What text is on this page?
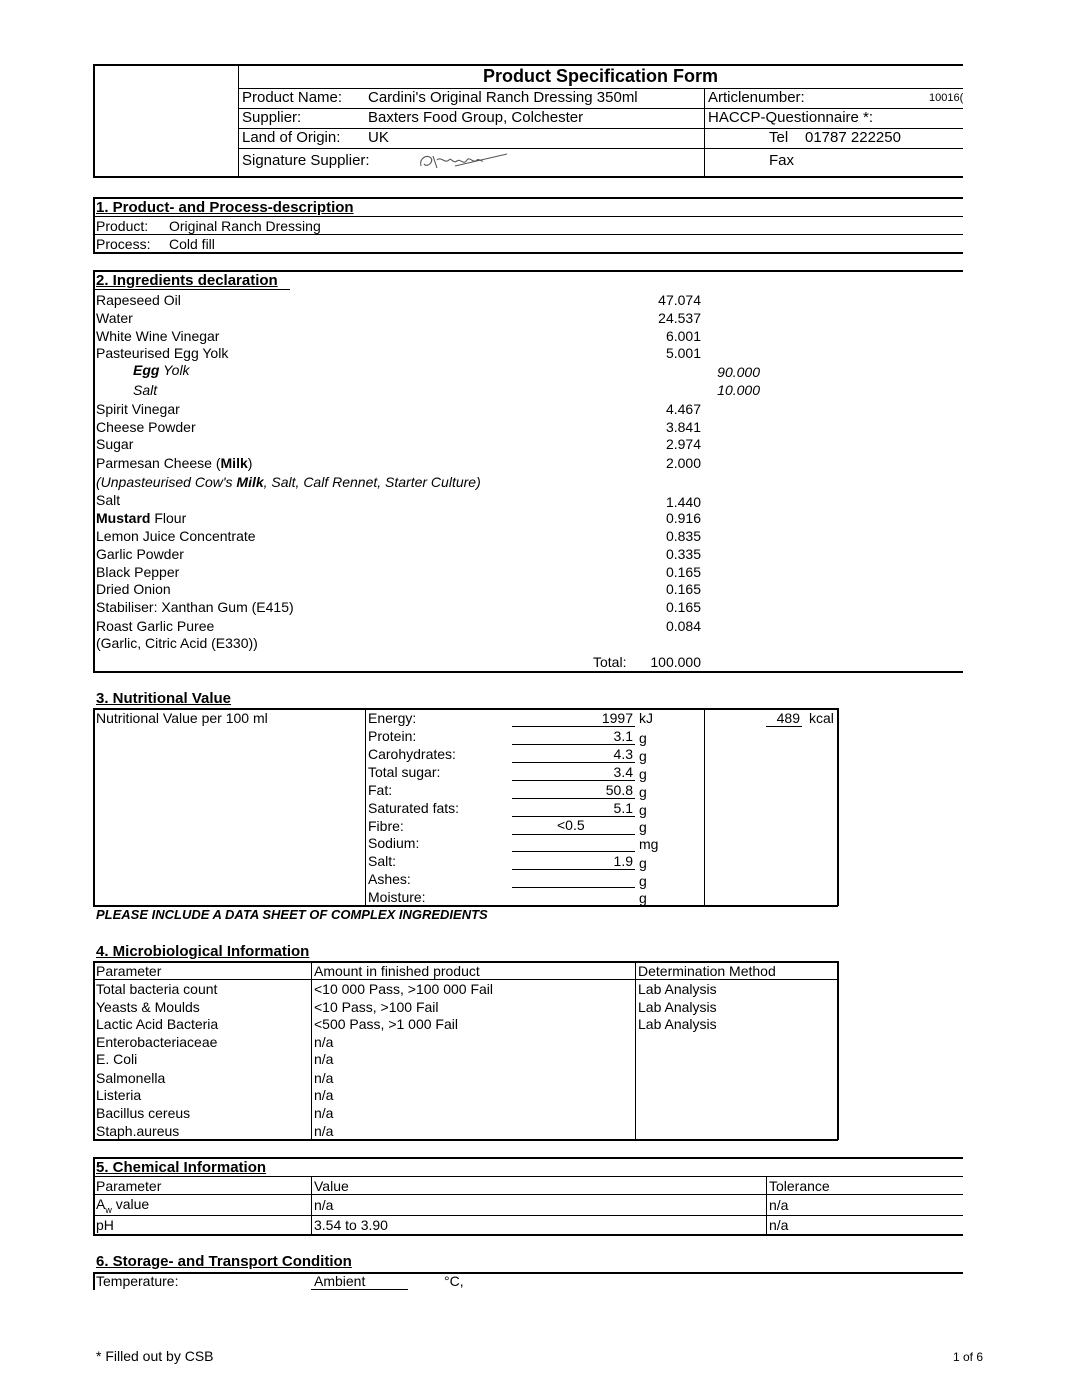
Product Specification Form
Product Name: Cardini's Original Ranch Dressing 350ml
Supplier:	Baxters Food Group, Colchester
Land of Origin: UK
Signature Supplier:
Articlenumber:	10016(
HACCP-Questionnaire *:
Tel 01787 222250
Fax
1. Product- and Process-description
Product: Original Ranch Dressing
Process: Cold fill
2. Ingredients declaration
Rapeseed Oil	47.074
Water	24.537
White Wine Vinegar	6.001
Pasteurised Egg Yolk	5.001
Egg Yolk	90.000
Salt	10.000
Spirit Vinegar	4.467
Cheese Powder	3.841
Sugar	2.974
Parmesan Cheese (Milk)	2.000
(Unpasteurised Cow's Milk, Salt, Calf Rennet, Starter Culture)
Salt	1.440
Mustard Flour	0.916
Lemon Juice Concentrate	0.835
Garlic Powder	0.335
Black Pepper	0.165
Dried Onion	0.165
Stabiliser: Xanthan Gum (E415)	0.165
Roast Garlic Puree	0.084
(Garlic, Citric Acid (E330))
Total:	100.000
3. Nutritional Value
Nutritional Value per 100 ml	Energy:	1997 kJ	489 kcal
Protein:	3.1 g
Carohydrates:	4.3 g
Total sugar:	3.4 g
Fat:	50.8 g
Saturated fats:	5.1 g
Fibre:	<0.5	g
Sodium:	mg
Salt:	1.9 g
Ashes:	g
Moisture:	g
PLEASE INCLUDE A DATA SHEET OF COMPLEX INGREDIENTS
4. Microbiological Information
Parameter	Amount in finished product	Determination Method
Total bacteria count	<10 000 Pass, >100 000 Fail	Lab Analysis
Yeasts & Moulds	<10 Pass, >100 Fail	Lab Analysis
Lactic Acid Bacteria	<500 Pass, >1 000 Fail	Lab Analysis
Enterobacteriaceae	n/a
E. Coli	n/a
Salmonella	n/a
Listeria	n/a
Bacillus cereus	n/a
Staph.aureus	n/a
5. Chemical Information
Parameter	Value	Tolerance
$A_w$ value	n/a	n/a
pH	3.54 to 3.90	n/a
6. Storage- and Transport Condition
Temperature:	Ambient	°C,
* Filled out by CSB	1 of 6
